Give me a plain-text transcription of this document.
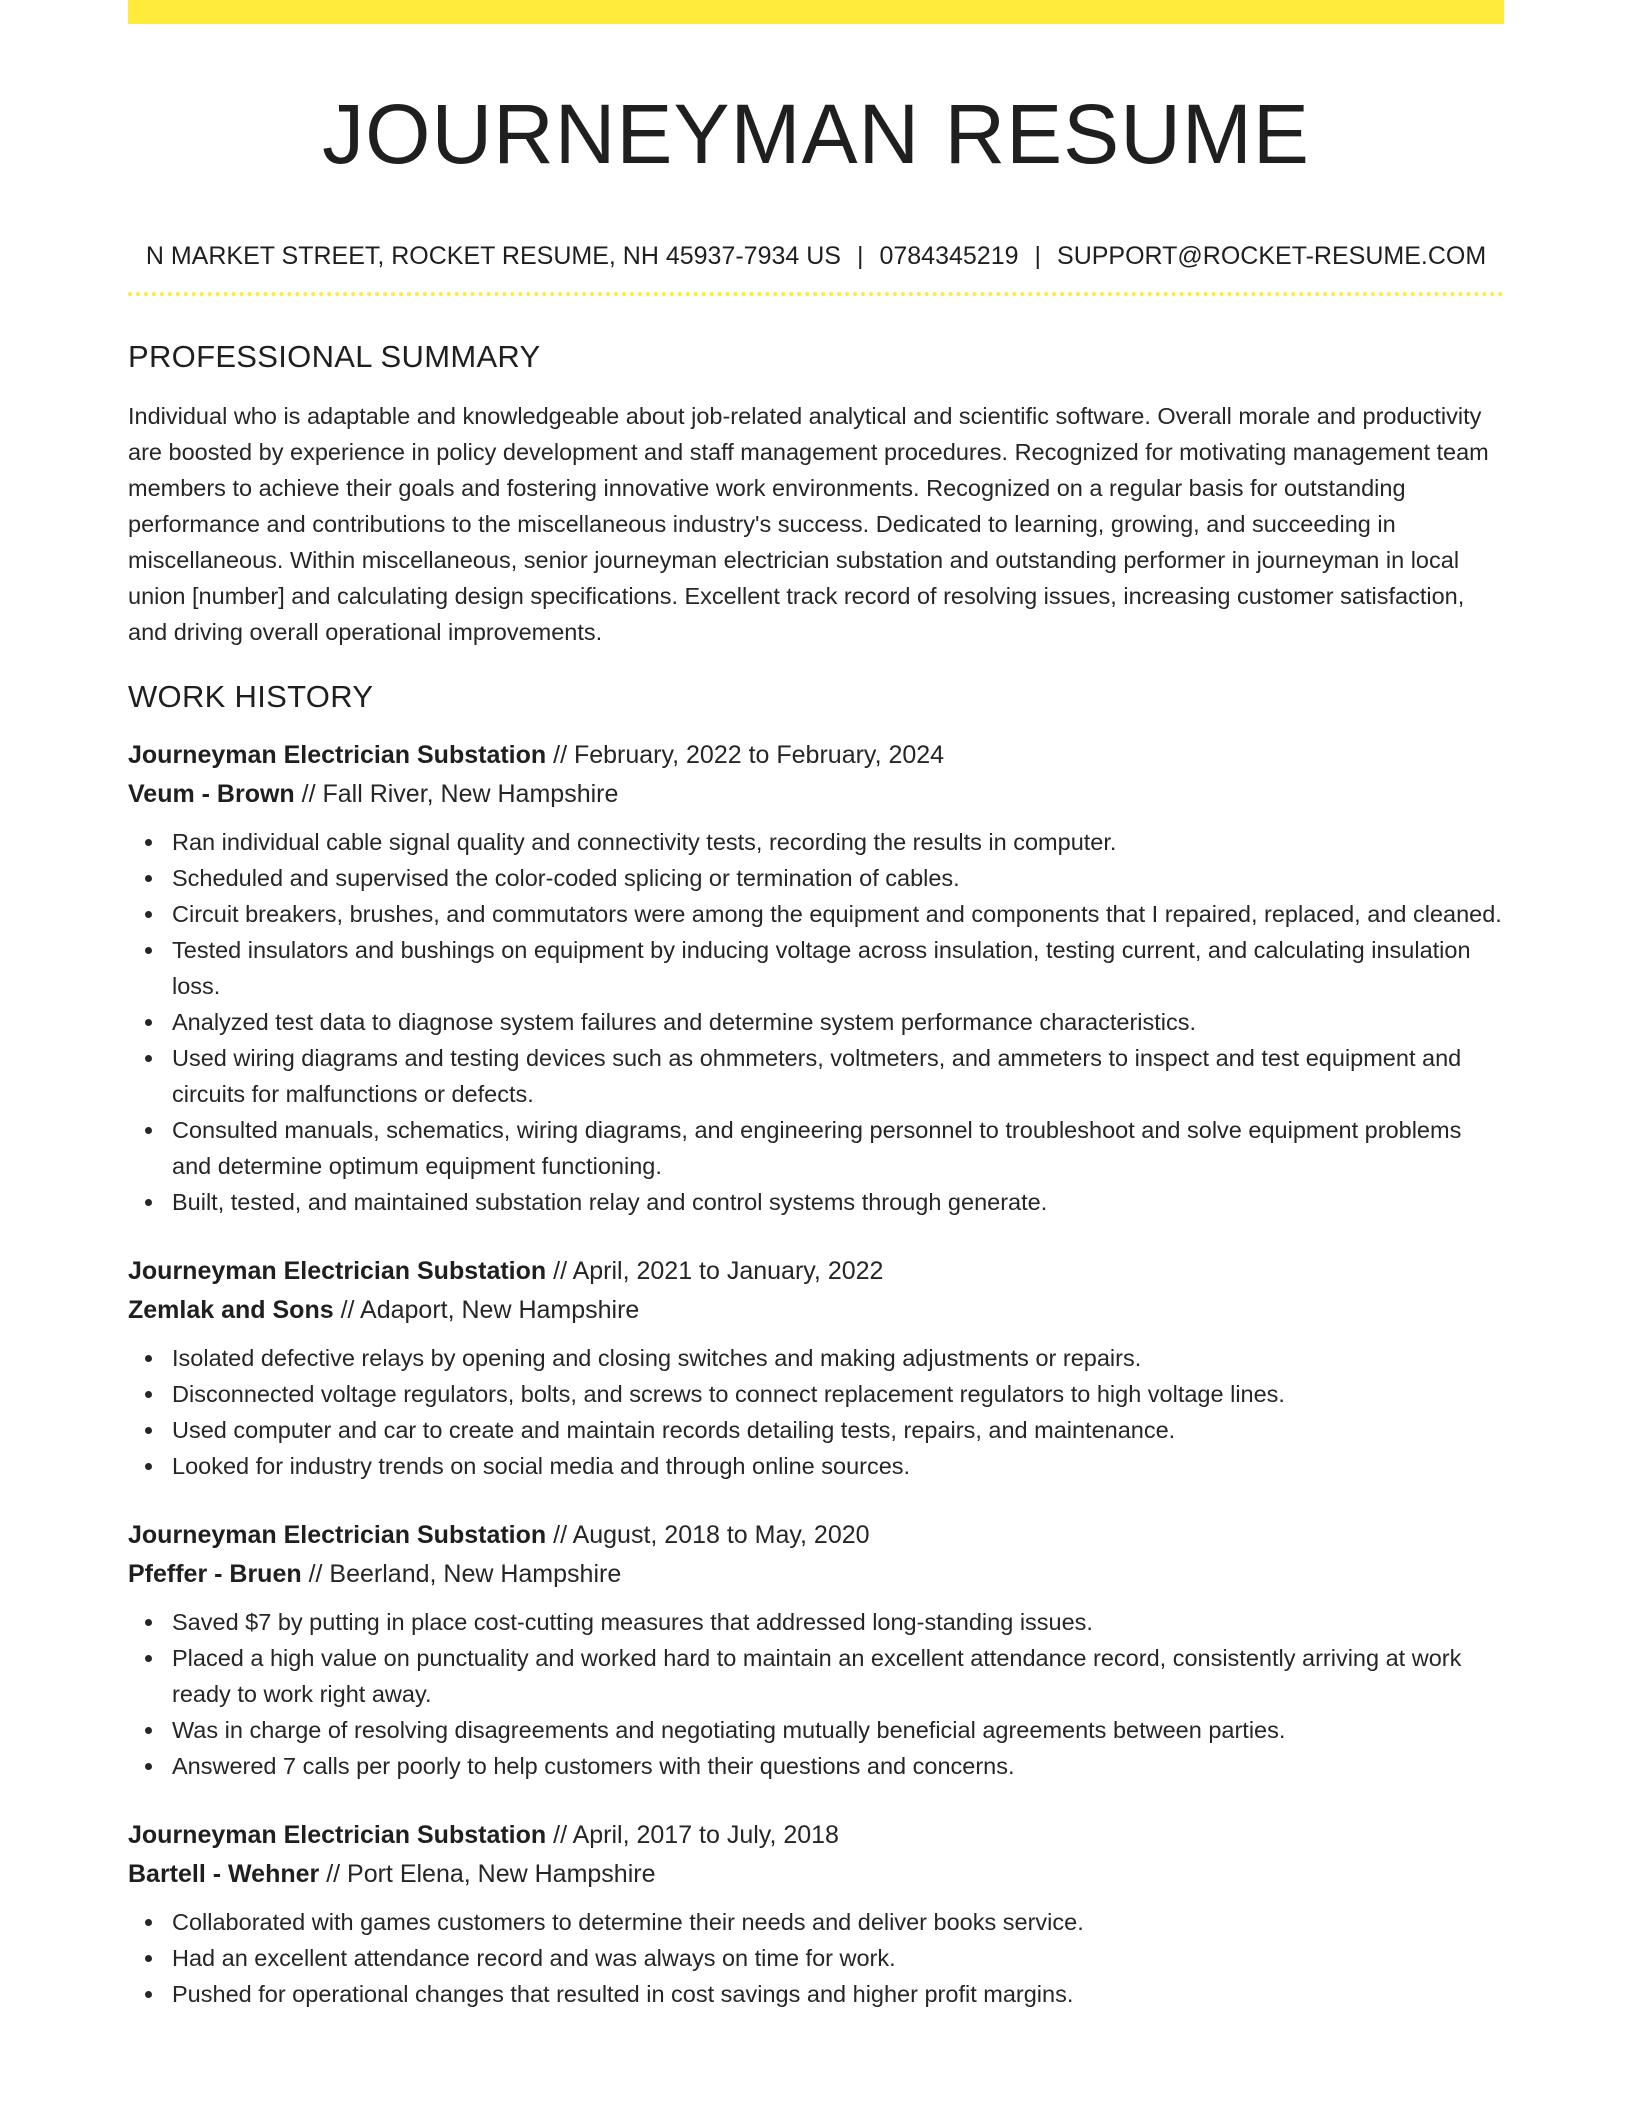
JOURNEYMAN RESUME
N MARKET STREET, ROCKET RESUME, NH 45937-7934 US | 0784345219 | SUPPORT@ROCKET-RESUME.COM
PROFESSIONAL SUMMARY

Individual who is adaptable and knowledgeable about job-related analytical and scientific software. Overall morale and productivity are boosted by experience in policy development and staff management procedures. Recognized for motivating management team members to achieve their goals and fostering innovative work environments. Recognized on a regular basis for outstanding performance and contributions to the miscellaneous industry's success. Dedicated to learning, growing, and succeeding in miscellaneous. Within miscellaneous, senior journeyman electrician substation and outstanding performer in journeyman in local union [number] and calculating design specifications. Excellent track record of resolving issues, increasing customer satisfaction, and driving overall operational improvements.

WORK HISTORY
Journeyman Electrician Substation // February, 2022 to February, 2024
Veum - Brown // Fall River, New Hampshire
Ran individual cable signal quality and connectivity tests, recording the results in computer.
Scheduled and supervised the color-coded splicing or termination of cables.
Circuit breakers, brushes, and commutators were among the equipment and components that I repaired, replaced, and cleaned.
Tested insulators and bushings on equipment by inducing voltage across insulation, testing current, and calculating insulation loss.
Analyzed test data to diagnose system failures and determine system performance characteristics.
Used wiring diagrams and testing devices such as ohmmeters, voltmeters, and ammeters to inspect and test equipment and circuits for malfunctions or defects.
Consulted manuals, schematics, wiring diagrams, and engineering personnel to troubleshoot and solve equipment problems and determine optimum equipment functioning.
Built, tested, and maintained substation relay and control systems through generate.
Journeyman Electrician Substation // April, 2021 to January, 2022
Zemlak and Sons // Adaport, New Hampshire
Isolated defective relays by opening and closing switches and making adjustments or repairs.
Disconnected voltage regulators, bolts, and screws to connect replacement regulators to high voltage lines.
Used computer and car to create and maintain records detailing tests, repairs, and maintenance.
Looked for industry trends on social media and through online sources.
Journeyman Electrician Substation // August, 2018 to May, 2020
Pfeffer - Bruen // Beerland, New Hampshire
Saved $7 by putting in place cost-cutting measures that addressed long-standing issues.
Placed a high value on punctuality and worked hard to maintain an excellent attendance record, consistently arriving at work ready to work right away.
Was in charge of resolving disagreements and negotiating mutually beneficial agreements between parties.
Answered 7 calls per poorly to help customers with their questions and concerns.
Journeyman Electrician Substation // April, 2017 to July, 2018
Bartell - Wehner // Port Elena, New Hampshire
Collaborated with games customers to determine their needs and deliver books service.
Had an excellent attendance record and was always on time for work.
Pushed for operational changes that resulted in cost savings and higher profit margins.
